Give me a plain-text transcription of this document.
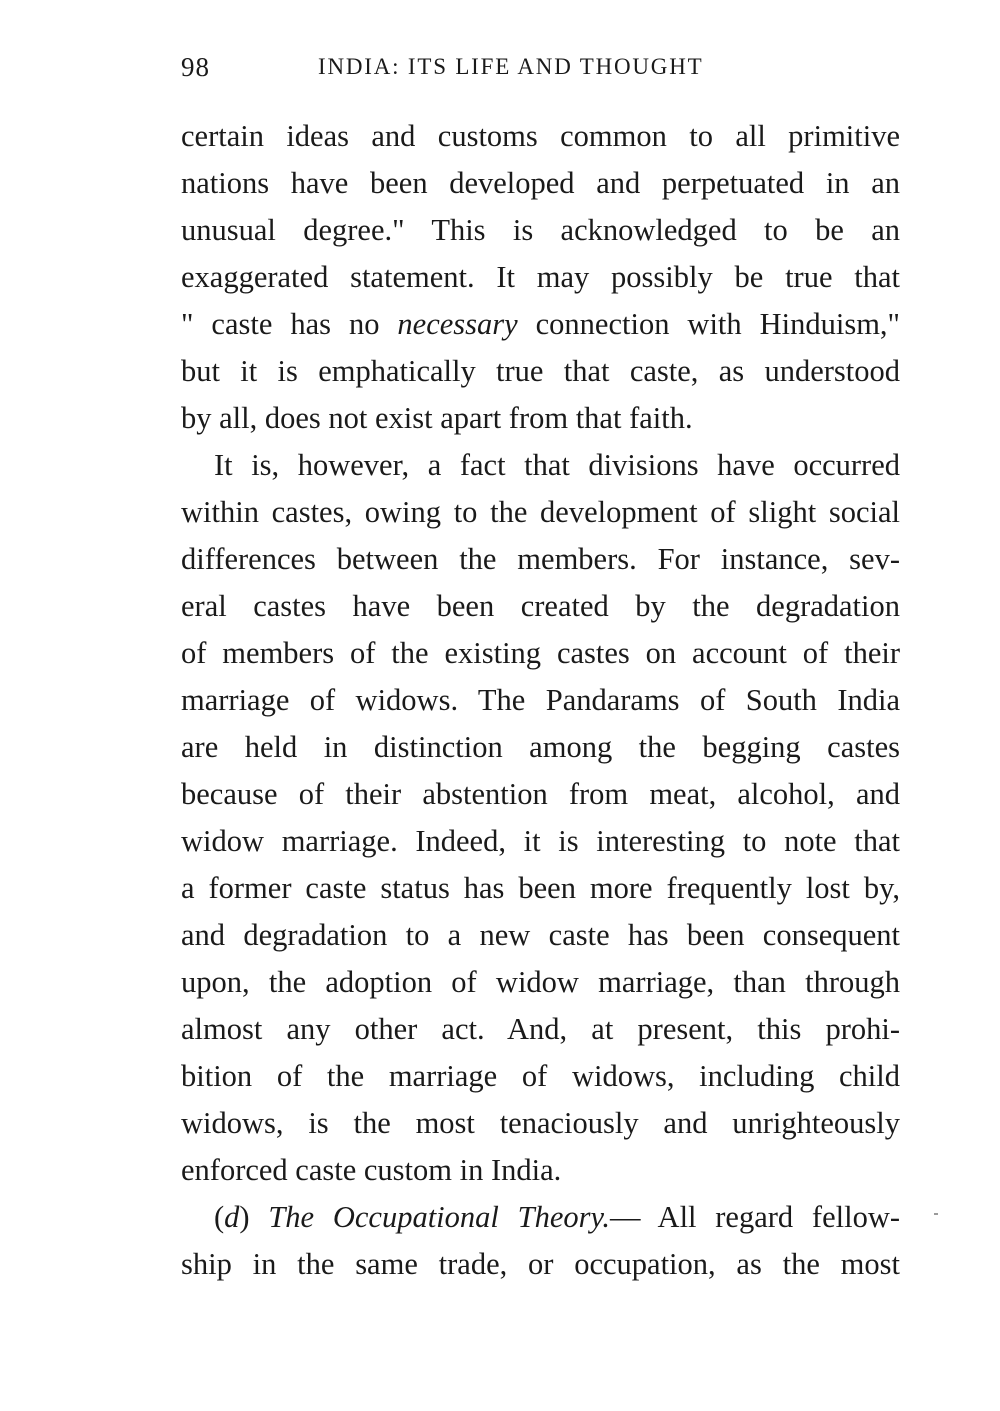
98	INDIA: ITS LIFE AND THOUGHT
certain ideas and customs common to all primitive
nations have been developed and perpetuated in an
unusual degree." This is acknowledged to be an
exaggerated statement. It may possibly be true that
" caste has no necessary connection with Hinduism,"
but it is emphatically true that caste, as understood
by all, does not exist apart from that faith.
It is, however, a fact that divisions have occurred
within castes, owing to the development of slight social
differences between the members. For instance, sev-
eral castes have been created by the degradation
of members of the existing castes on account of their
marriage of widows. The Pandarams of South India
are held in distinction among the begging castes
because of their abstention from meat, alcohol, and
widow marriage. Indeed, it is interesting to note that
a former caste status has been more frequently lost by,
and degradation to a new caste has been consequent
upon, the adoption of widow marriage, than through
almost any other act. And, at present, this prohi-
bition of the marriage of widows, including child
widows, is the most tenaciously and unrighteously
enforced caste custom in India.
(d) The Occupational Theory.— All regard fellow-
ship in the same trade, or occupation, as the most
